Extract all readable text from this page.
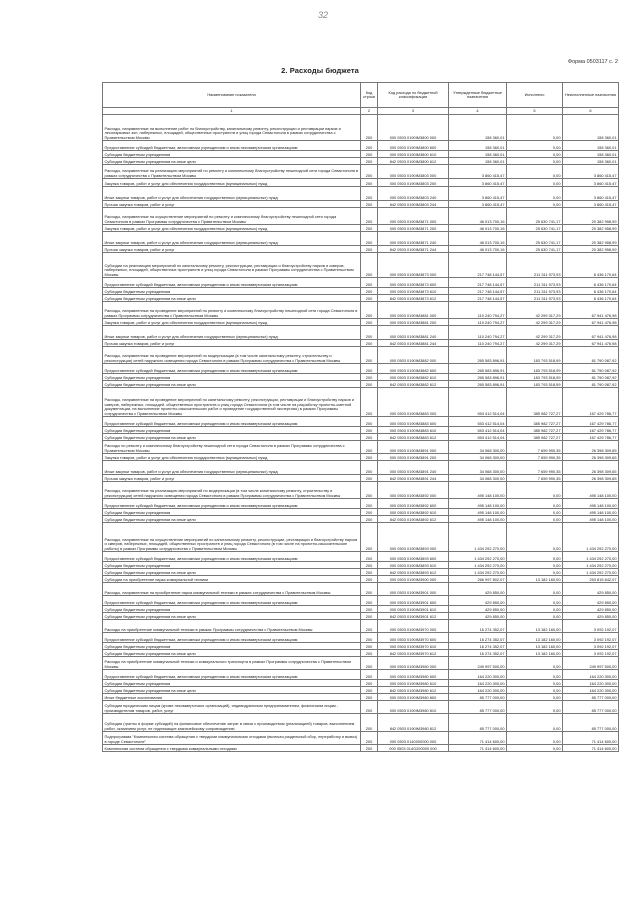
32
Форма 0503117 с. 2
2. Расходы бюджета
Наименование показателя	Код строки	Код расхода по бюджетной классификации	Утвержденные бюджетные назначения	Исполнено	Неисполненные назначения
1	2	3	4	5	6
Расходы, направленные на выполнение работ по благоустройству, капитальному ремонту, реконструкции и реставрации парков и лесопарковых зон, набережных, площадей, общественных пространств и улиц города Севастополя в рамках сотрудничества с Правительством Москвы	200	000 0503 0190IM3800 000	158 360,01	0,00	158 360,01
Предоставление субсидий бюджетным, автономным учреждениям и иным некоммерческим организациям	200	000 0503 0190IM3800 600	158 360,01	0,00	158 360,01
Субсидии бюджетным учреждениям	200	000 0503 0190IM3800 610	158 360,01	0,00	158 360,01
Субсидии бюджетным учреждениям на иные цели	200	842 0503 0190IM3800 612	158 360,01	0,00	158 360,01
Расходы, направленные на реализацию мероприятий по ремонту и комплексному благоустройству пешеходной сети города Севастополя в рамках сотрудничества с Правительством Москвы	200	000 0503 0190IM3803 000	3 860 415,47	0,00	3 860 415,47
Закупка товаров, работ и услуг для обеспечения государственных (муниципальных) нужд	200	000 0503 0190IM3803 200	3 860 415,47	0,00	3 860 415,47
Иные закупки товаров, работ и услуг для обеспечения государственных (муниципальных) нужд	200	000 0503 0190IM3803 240	3 860 415,47	0,00	3 860 415,47
Прочая закупка товаров, работ и услуг	200	842 0503 0190IM3803 244	3 860 415,47	0,00	3 860 415,47
Расходы, направленные на осуществление мероприятий по ремонту и комплексному благоустройству пешеходной сети города Севастополя в рамках Программы сотрудничества с Правительством Москвы	200	000 0503 0190IM3871 000	46 013 700,16	25 630 741,17	20 382 958,99
Закупка товаров, работ и услуг для обеспечения государственных (муниципальных) нужд	200	000 0503 0190IM3871 200	46 013 700,16	25 630 741,17	20 382 958,99
Иные закупки товаров, работ и услуг для обеспечения государственных (муниципальных) нужд	200	000 0503 0190IM3871 240	46 013 700,16	25 630 741,17	20 382 958,99
Прочая закупка товаров, работ и услуг	200	842 0503 0190IM3871 244	46 013 700,16	25 630 741,17	20 382 958,99
Субсидии на реализацию мероприятий по капитальному ремонту, реконструкции, реставрации и благоустройству парков и скверов, набережных, площадей, общественных пространств и улиц города Севастополя в рамках Программы сотрудничества с Правительством Москвы	200	000 0503 0190IM3873 000	217 748 144,57	211 311 973,93	6 436 170,64
Предоставление субсидий бюджетным, автономным учреждениям и иным некоммерческим организациям	200	000 0503 0190IM3873 600	217 748 144,57	211 311 973,93	6 436 170,64
Субсидии бюджетным учреждениям	200	000 0503 0190IM3873 610	217 748 144,57	211 311 973,93	6 436 170,64
Субсидии бюджетным учреждениям на иные цели	200	842 0503 0190IM3873 612	217 748 144,57	211 311 973,93	6 436 170,64
Расходы, направленные на проведение мероприятий по ремонту и комплексному благоустройству пешеходной сети города Севастополя в рамках Программы сотрудничества с Правительством Москвы	200	000 0503 0190IM3881 000	110 240 794,27	42 299 317,29	67 941 476,98
Закупка товаров, работ и услуг для обеспечения государственных (муниципальных) нужд	200	000 0503 0190IM3881 200	110 240 794,27	42 299 317,29	67 941 476,98
Иные закупки товаров, работ и услуг для обеспечения государственных (муниципальных) нужд	200	000 0503 0190IM3881 240	110 240 794,27	42 299 317,29	67 941 476,98
Прочая закупка товаров, работ и услуг	200	842 0503 0190IM3881 244	110 240 794,27	42 299 317,29	67 941 476,98
Расходы, направленные на проведение мероприятий по модернизации (в том числе капитальному ремонту, строительству и реконструкции) сетей наружного освещения города Севастополя в рамках Программы сотрудничества с Правительством Москвы	200	000 0503 0190IM3882 000	265 583 896,91	183 793 518,99	81 790 087,92
Предоставление субсидий бюджетным, автономным учреждениям и иным некоммерческим организациям	200	000 0503 0190IM3882 600	265 583 896,91	183 793 518,99	81 790 087,92
Субсидии бюджетным учреждениям	200	000 0503 0190IM3882 610	265 583 896,91	183 793 518,99	81 790 087,92
Субсидии бюджетным учреждениям на иные цели	200	842 0503 0190IM3882 612	265 583 896,91	183 793 518,99	81 790 087,92
Расходы, направленные на проведение мероприятий по капитальному ремонту, реконструкции, реставрации и благоустройству парков и скверов, набережных, площадей, общественных пространств и улиц города Севастополя (в том числе на разработку проектно-сметной документации, на выполнение проектно-изыскательских работ и проведение государственной экспертизы) в рамках Программы сотрудничества с Правительством Москвы	200	000 0503 0190IM3883 000	553 412 514,04	385 982 727,27	167 429 786,77
Предоставление субсидий бюджетным, автономным учреждениям и иным некоммерческим организациям	200	000 0503 0190IM3883 600	553 412 514,04	385 982 727,27	167 429 786,77
Субсидии бюджетным учреждениям	200	000 0503 0190IM3883 610	553 412 514,04	385 982 727,27	167 429 786,77
Субсидии бюджетным учреждениям на иные цели	200	842 0503 0190IM3883 612	553 412 514,04	385 982 727,27	167 429 786,77
Расходы по ремонту и комплексному благоустройству пешеходной сети города Севастополя в рамках Программы сотрудничества с Правительством Москвы	200	000 0503 0190IM3891 000	34 068 300,00	7 659 990,35	26 398 309,65
Закупка товаров, работ и услуг для обеспечения государственных (муниципальных) нужд	200	000 0503 0190IM3891 200	34 068 300,00	7 659 990,35	26 398 309,65
Иные закупки товаров, работ и услуг для обеспечения государственных (муниципальных) нужд	200	000 0503 0190IM3891 240	34 068 300,00	7 659 990,35	26 398 309,65
Прочая закупка товаров, работ и услуг	200	842 0503 0190IM3891 244	34 068 300,00	7 659 990,35	26 398 309,65
Расходы, направленные на реализацию мероприятий по модернизации (в том числе капитальному ремонту, строительству и реконструкции) сетей наружного освещения города Севастополя в рамках Программы сотрудничества с Правительством Москвы	200	000 0503 0190IM3892 000	495 148 100,00	0,00	495 148 100,00
Предоставление субсидий бюджетным, автономным учреждениям и иным некоммерческим организациям	200	000 0503 0190IM3892 600	495 148 100,00	0,00	495 148 100,00
Субсидии бюджетным учреждениям	200	000 0503 0190IM3892 610	495 148 100,00	0,00	495 148 100,00
Субсидии бюджетным учреждениям на иные цели	200	842 0503 0190IM3892 612	495 148 100,00	0,00	495 148 100,00
Расходы, направленные на осуществление мероприятий по капитальному ремонту, реконструкции, реставрации и благоустройству парков и скверов, набережных, площадей, общественных пространств и улиц города Севастополя (в том числе на проектно-изыскательские работы) в рамках Программы сотрудничества с Правительством Москвы	200	000 0503 0190IM3893 000	1 434 292 270,00	0,00	1 434 292 270,00
Предоставление субсидий бюджетным, автономным учреждениям и иным некоммерческим организациям	200	000 0503 0190IM3893 600	1 434 292 270,00	0,00	1 434 292 270,00
Субсидии бюджетным учреждениям	200	000 0503 0190IM3893 610	1 434 292 270,00	0,00	1 434 292 270,00
Субсидии бюджетным учреждениям на иные цели	200	842 0503 0190IM3893 612	1 434 292 270,00	0,00	1 434 292 270,00
Субсидии на приобретение парка коммунальной техники	200	000 0503 0190IM3900 000	266 997 802,07	13 182 160,00	253 815 642,07
Расходы, направленные на приобретение парка коммунальной техники в рамках сотрудничества с Правительством Москвы	200	000 0503 0190IM3901 000	429 850,00	0,00	429 850,00
Предоставление субсидий бюджетным, автономным учреждениям и иным некоммерческим организациям	200	000 0503 0190IM3901 600	429 850,00	0,00	429 850,00
Субсидии бюджетным учреждениям	200	000 0503 0190IM3901 610	429 850,00	0,00	429 850,00
Субсидии бюджетным учреждениям на иные цели	200	842 0503 0190IM3901 612	429 850,00	0,00	429 850,00
Расходы на приобретение коммунальной техники в рамках Программы сотрудничества с Правительством Москвы	200	000 0503 0190IM3970 000	16 274 352,07	13 182 160,00	3 092 192,07
Предоставление субсидий бюджетным, автономным учреждениям и иным некоммерческим организациям	200	000 0503 0190IM3970 600	16 274 352,07	13 182 160,00	3 092 192,07
Субсидии бюджетным учреждениям	200	000 0503 0190IM3970 610	16 274 352,07	13 182 160,00	3 092 192,07
Субсидии бюджетным учреждениям на иные цели	200	842 0503 0190IM3970 612	16 274 352,07	13 182 160,00	3 092 192,07
Расходы на приобретение коммунальной техники и коммунального транспорта в рамках Программы сотрудничества с Правительством Москвы	200	000 0503 0190IM3980 000	249 997 500,00	0,00	249 997 500,00
Предоставление субсидий бюджетным, автономным учреждениям и иным некоммерческим организациям	200	000 0503 0190IM3980 600	164 220 300,00	0,00	164 220 300,00
Субсидии бюджетным учреждениям	200	000 0503 0190IM3980 610	164 220 300,00	0,00	164 220 300,00
Субсидии бюджетным учреждениям на иные цели	200	842 0503 0190IM3980 612	164 220 300,00	0,00	164 220 300,00
Иные бюджетные ассигнования	200	000 0503 0190IM3980 800	85 777 000,00	0,00	85 777 000,00
Субсидии юридическим лицам (кроме некоммерческих организаций), индивидуальным предпринимателям, физическим лицам - производителям товаров, работ, услуг	200	000 0503 0190IM3980 810	85 777 000,00	0,00	85 777 000,00
Субсидии (гранты в форме субсидий) на финансовое обеспечение затрат в связи с производством (реализацией) товаров, выполнением работ, оказанием услуг, не подлежащие казначейскому сопровождению	200	842 0503 0190IM3980 812	85 777 000,00	0,00	85 777 000,00
Подпрограмма "Комплексная система обращения с твердыми коммунальными отходами (включая раздельный сбор, переработку и вывоз) в городе Севастополе"	200	000 0503 0140000000 000	71 414 600,00	0,00	71 414 600,00
Комплексная система обращения с твердыми коммунальными отходами	200	000 0503 014G200000 000	71 414 600,00	0,00	71 414 600,00
